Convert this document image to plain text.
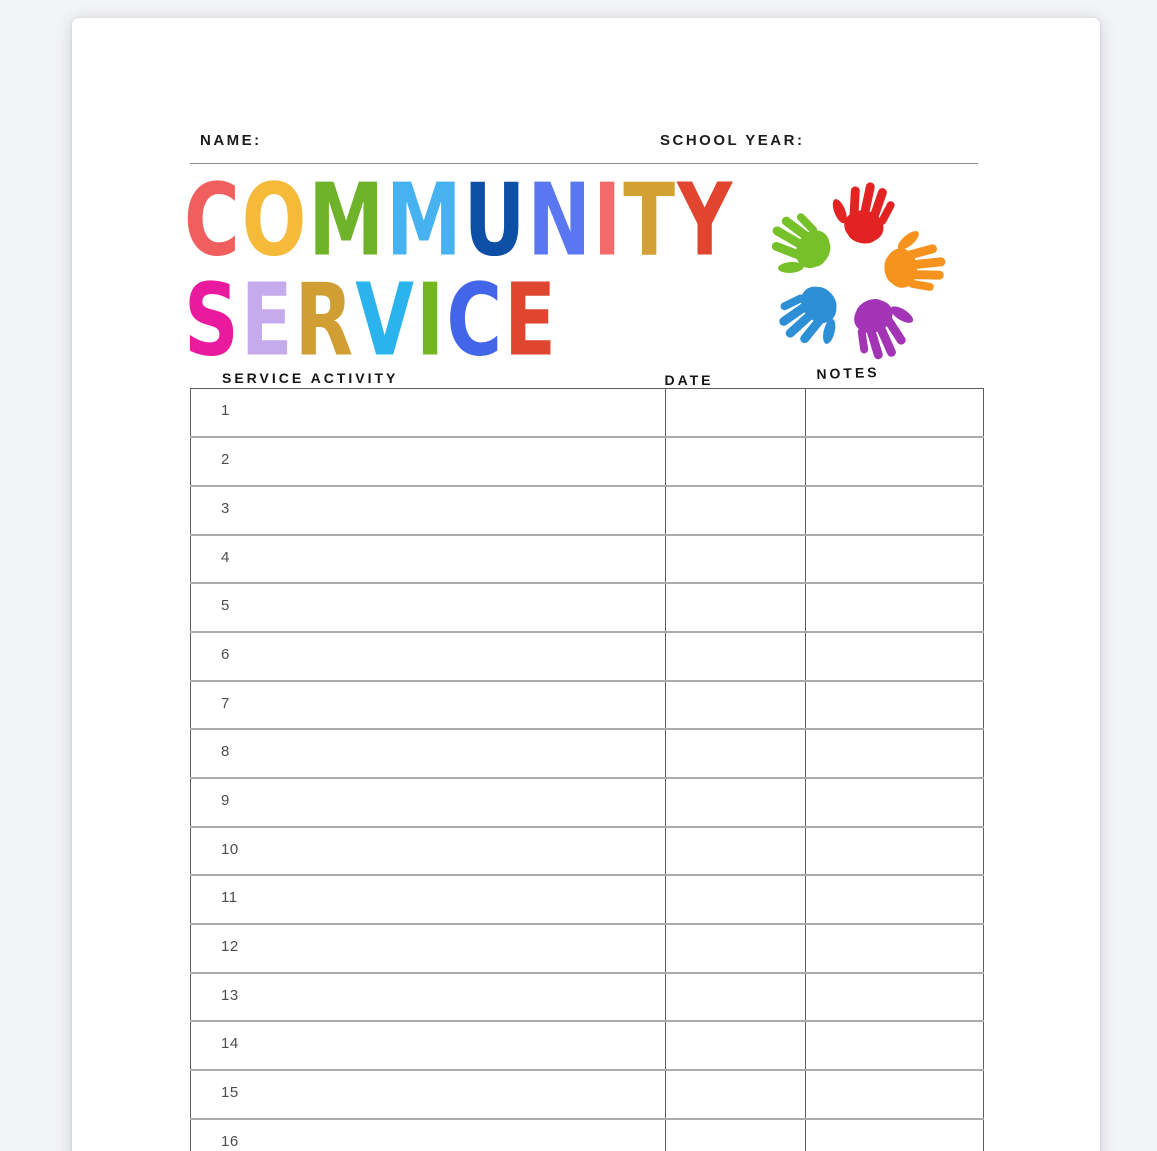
NAME:	SCHOOL YEAR:
COMMUNITY
SERVICE
SERVICE ACTIVITY	DATE	NOTES
1		
2		
3		
4		
5		
6		
7		
8		
9		
10		
11		
12		
13		
14		
15		
16		
